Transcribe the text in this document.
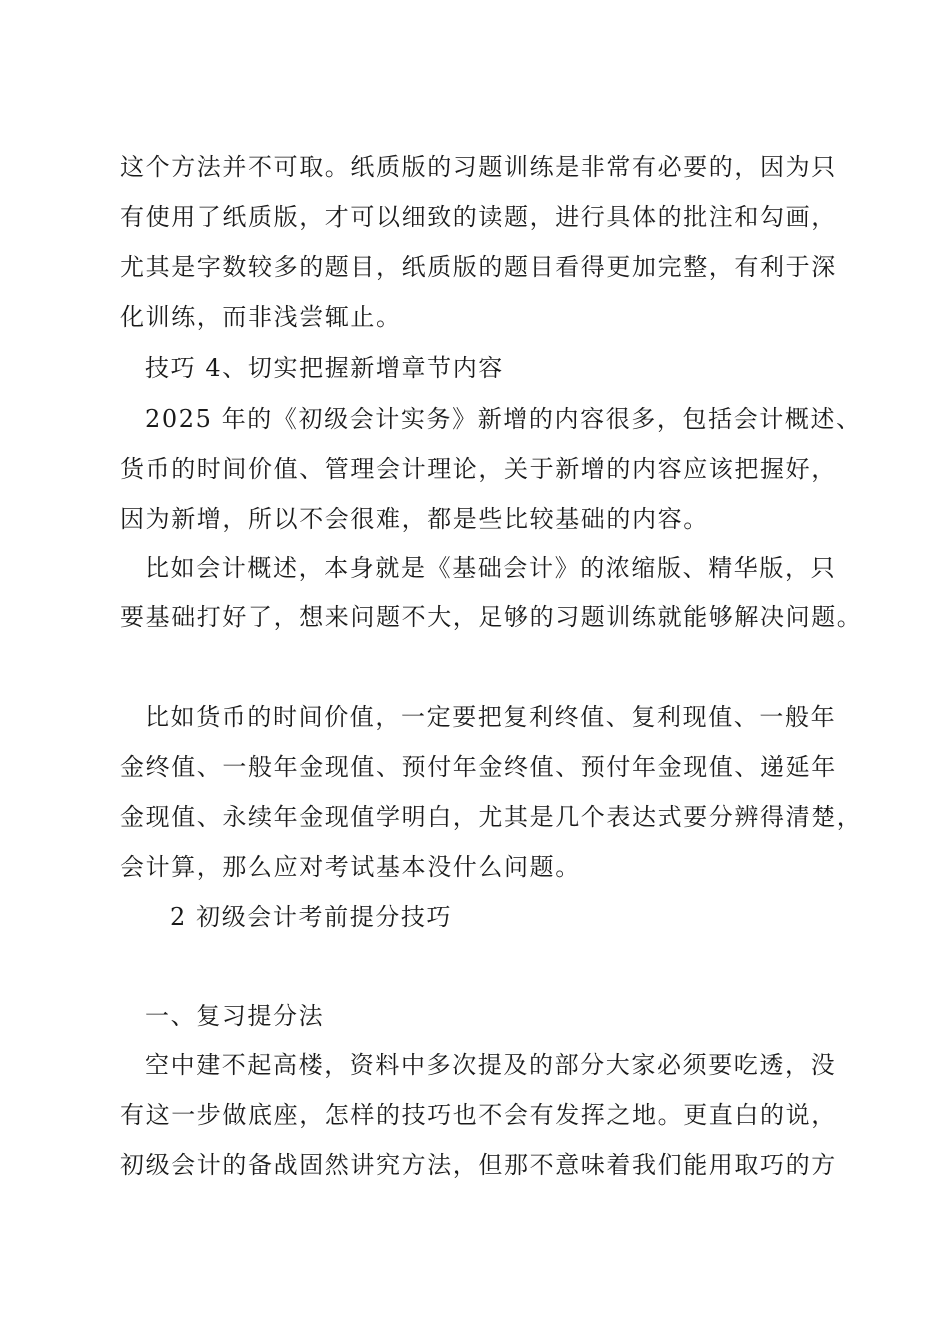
这个方法并不可取。纸质版的习题训练是非常有必要的，因为只
有使用了纸质版，才可以细致的读题，进行具体的批注和勾画，
尤其是字数较多的题目，纸质版的题目看得更加完整，有利于深
化训练，而非浅尝辄止。
技巧 4、切实把握新增章节内容
2025 年的《初级会计实务》新增的内容很多，包括会计概述、
货币的时间价值、管理会计理论，关于新增的内容应该把握好，
因为新增，所以不会很难，都是些比较基础的内容。
比如会计概述，本身就是《基础会计》的浓缩版、精华版，只
要基础打好了，想来问题不大，足够的习题训练就能够解决问题。
比如货币的时间价值，一定要把复利终值、复利现值、一般年
金终值、一般年金现值、预付年金终值、预付年金现值、递延年
金现值、永续年金现值学明白，尤其是几个表达式要分辨得清楚，
会计算，那么应对考试基本没什么问题。
2 初级会计考前提分技巧
一、复习提分法
空中建不起高楼，资料中多次提及的部分大家必须要吃透，没
有这一步做底座，怎样的技巧也不会有发挥之地。更直白的说，
初级会计的备战固然讲究方法，但那不意味着我们能用取巧的方
